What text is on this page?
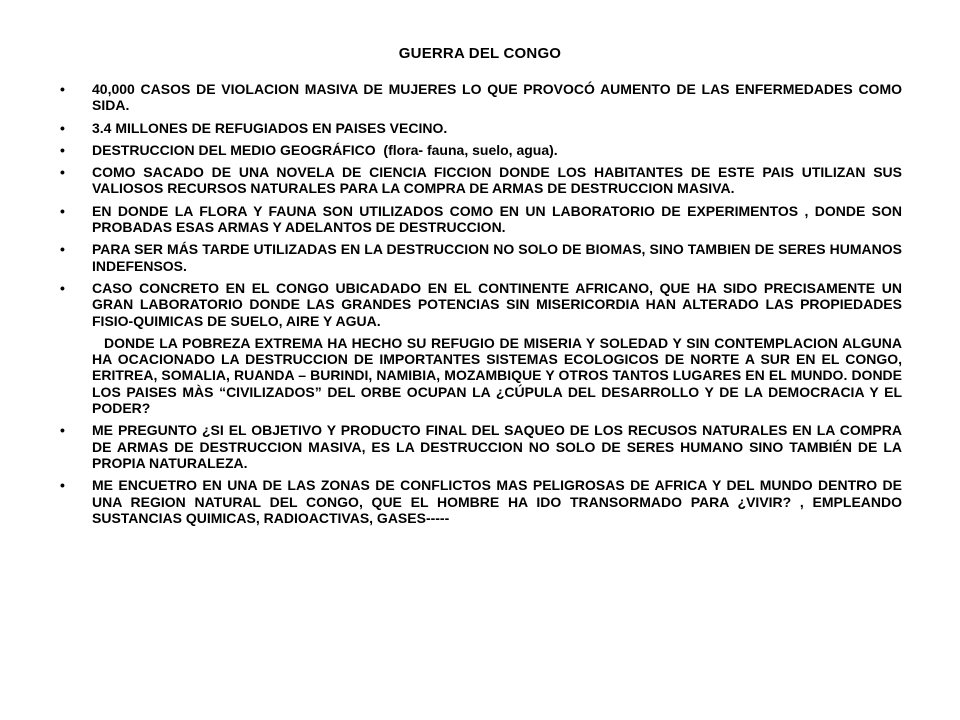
GUERRA DEL CONGO
•	40,000 CASOS DE VIOLACION MASIVA DE MUJERES LO QUE PROVOCÓ AUMENTO DE LAS ENFERMEDADES COMO SIDA.
•	3.4 MILLONES DE REFUGIADOS EN PAISES VECINO.
•	DESTRUCCION DEL MEDIO GEOGRÁFICO  (flora- fauna, suelo, agua).
•	COMO SACADO DE UNA NOVELA DE CIENCIA FICCION DONDE LOS HABITANTES DE ESTE PAIS UTILIZAN SUS VALIOSOS RECURSOS NATURALES PARA LA COMPRA DE ARMAS DE DESTRUCCION MASIVA.
•	EN DONDE LA FLORA Y FAUNA SON UTILIZADOS COMO EN UN LABORATORIO DE EXPERIMENTOS , DONDE SON PROBADAS ESAS ARMAS Y ADELANTOS DE DESTRUCCION.
•	PARA SER MÁS TARDE UTILIZADAS EN LA DESTRUCCION NO SOLO DE BIOMAS, SINO TAMBIEN DE SERES HUMANOS INDEFENSOS.
•	CASO CONCRETO EN EL CONGO UBICADADO EN EL CONTINENTE AFRICANO, QUE HA SIDO PRECISAMENTE UN GRAN LABORATORIO DONDE LAS GRANDES POTENCIAS SIN MISERICORDIA HAN ALTERADO LAS PROPIEDADES FISIO-QUIMICAS DE SUELO, AIRE Y AGUA.
DONDE LA POBREZA EXTREMA HA HECHO SU REFUGIO DE MISERIA Y SOLEDAD Y SIN CONTEMPLACION ALGUNA HA OCACIONADO LA DESTRUCCION DE IMPORTANTES SISTEMAS ECOLOGICOS DE NORTE A SUR EN EL CONGO, ERITREA, SOMALIA, RUANDA – BURINDI, NAMIBIA, MOZAMBIQUE Y OTROS TANTOS LUGARES EN EL MUNDO. DONDE LOS PAISES MÀS “CIVILIZADOS” DEL ORBE OCUPAN LA ¿CÚPULA DEL DESARROLLO Y DE LA DEMOCRACIA Y EL PODER?
•	ME PREGUNTO ¿SI EL OBJETIVO Y PRODUCTO FINAL DEL SAQUEO DE LOS RECUSOS NATURALES EN LA COMPRA DE ARMAS DE DESTRUCCION MASIVA, ES LA DESTRUCCION NO SOLO DE SERES HUMANO SINO TAMBIÉN DE LA PROPIA NATURALEZA.
•	ME ENCUETRO EN UNA DE LAS ZONAS DE CONFLICTOS MAS PELIGROSAS DE AFRICA Y DEL MUNDO DENTRO DE UNA REGION NATURAL DEL CONGO, QUE EL HOMBRE HA IDO TRANSORMADO PARA ¿VIVIR? , EMPLEANDO SUSTANCIAS QUIMICAS, RADIOACTIVAS, GASES-----
